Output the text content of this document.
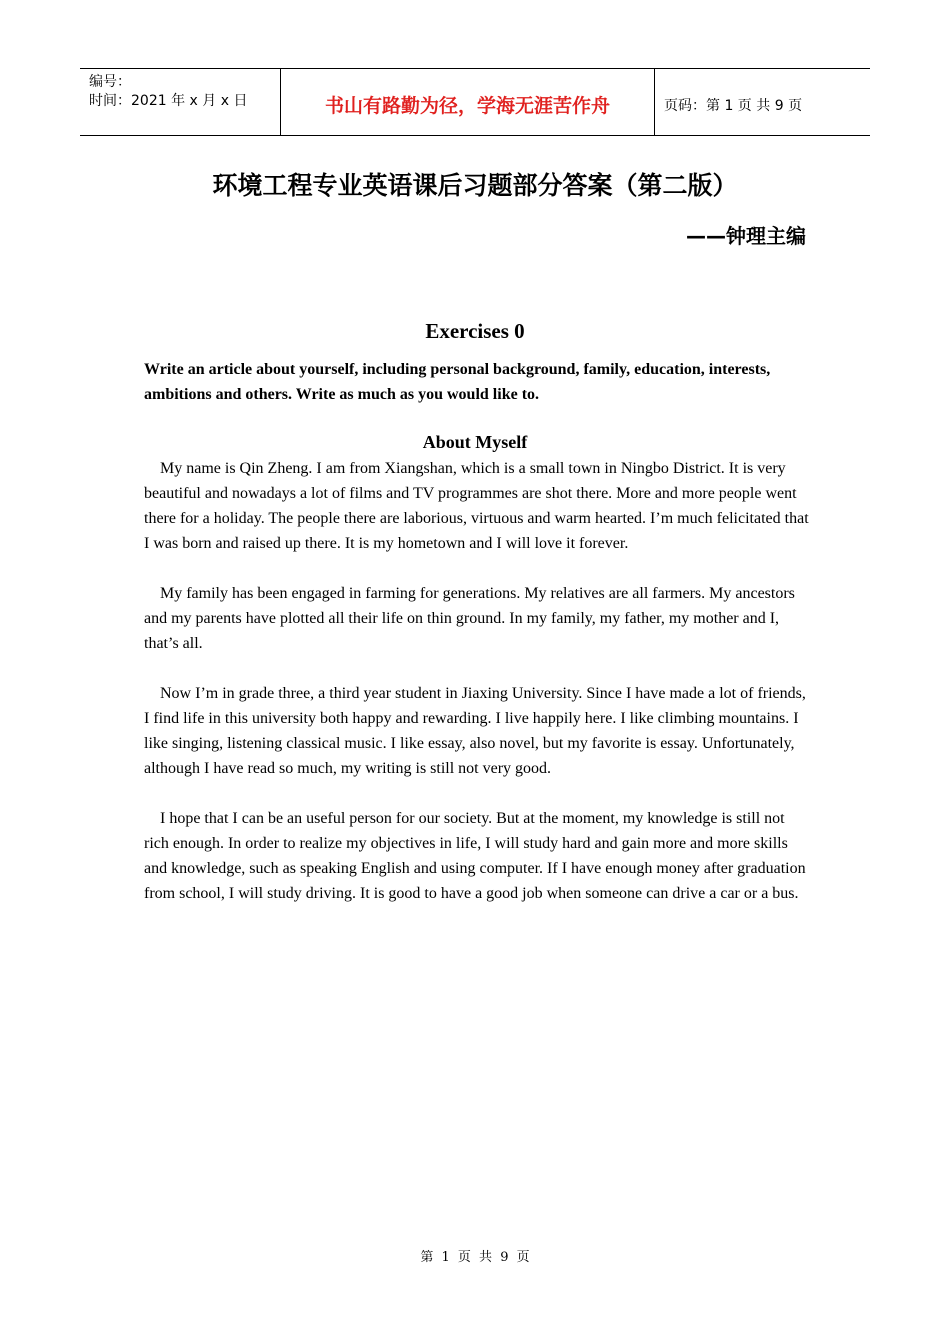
编号：
时间：2021 年 x 月 x 日	书山有路勤为径，学海无涯苦作舟	页码：第 1 页 共 9 页
环境工程专业英语课后习题部分答案（第二版）
——钟理主编
Exercises 0
Write an article about yourself, including personal background, family, education, interests, ambitions and others. Write as much as you would like to.
About Myself

My name is Qin Zheng. I am from Xiangshan, which is a small town in Ningbo District. It is very beautiful and nowadays a lot of films and TV programmes are shot there. More and more people went there for a holiday. The people there are laborious, virtuous and warm hearted. I’m much felicitated that I was born and raised up there. It is my hometown and I will love it forever.

My family has been engaged in farming for generations. My relatives are all farmers. My ancestors and my parents have plotted all their life on thin ground. In my family, my father, my mother and I, that’s all.

Now I’m in grade three, a third year student in Jiaxing University. Since I have made a lot of friends, I find life in this university both happy and rewarding. I live happily here. I like climbing mountains. I like singing, listening classical music. I like essay, also novel, but my favorite is essay. Unfortunately, although I have read so much, my writing is still not very good.

I hope that I can be an useful person for our society. But at the moment, my knowledge is still not rich enough. In order to realize my objectives in life, I will study hard and gain more and more skills and knowledge, such as speaking English and using computer. If I have enough money after graduation from school, I will study driving. It is good to have a good job when someone can drive a car or a bus.

第 1 页 共 9 页
